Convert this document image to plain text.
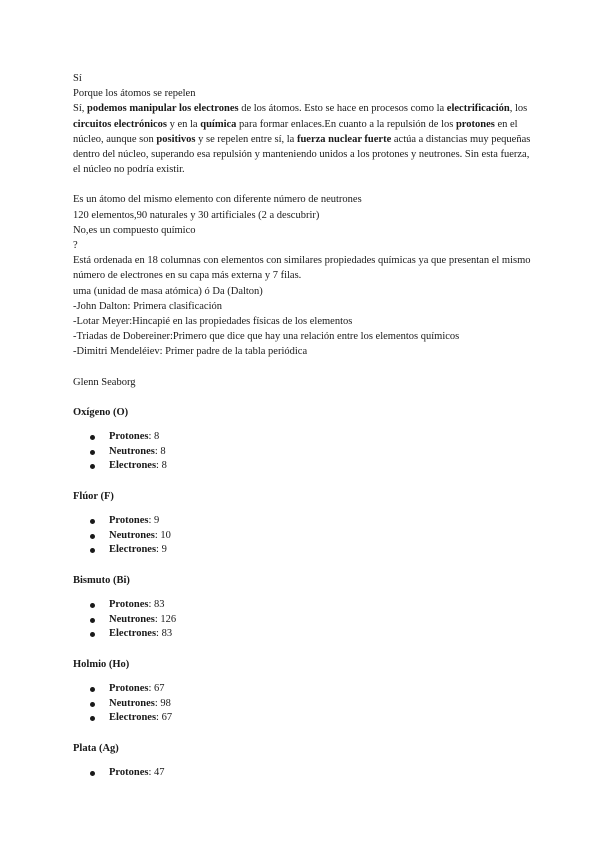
Sí

Porque los átomos se repelen

Sí, podemos manipular los electrones de los átomos. Esto se hace en procesos como la electrificación, los circuitos electrónicos y en la química para formar enlaces.En cuanto a la repulsión de los protones en el núcleo, aunque son positivos y se repelen entre sí, la fuerza nuclear fuerte actúa a distancias muy pequeñas dentro del núcleo, superando esa repulsión y manteniendo unidos a los protones y neutrones. Sin esta fuerza, el núcleo no podría existir.

Es un átomo del mismo elemento con diferente número de neutrones

120 elementos,90 naturales y 30 artificiales (2 a descubrir)

No,es un compuesto químico

?

Está ordenada en 18 columnas con elementos con similares propiedades químicas ya que presentan el mismo número de electrones en su capa más externa y 7 filas.

uma (unidad de masa atómica) ó Da (Dalton)

-John Dalton: Primera clasificación

-Lotar Meyer:Hincapié en las propiedades físicas de los elementos

-Triadas de Dobereiner:Primero que dice que hay una relación entre los elementos químicos

-Dimitri Mendeléiev: Primer padre de la tabla periódica

Glenn Seaborg

Oxígeno (O)

Protones: 8
Neutrones: 8
Electrones: 8

Flúor (F)

Protones: 9
Neutrones: 10
Electrones: 9

Bismuto (Bi)

Protones: 83
Neutrones: 126
Electrones: 83

Holmio (Ho)

Protones: 67
Neutrones: 98
Electrones: 67

Plata (Ag)

Protones: 47
